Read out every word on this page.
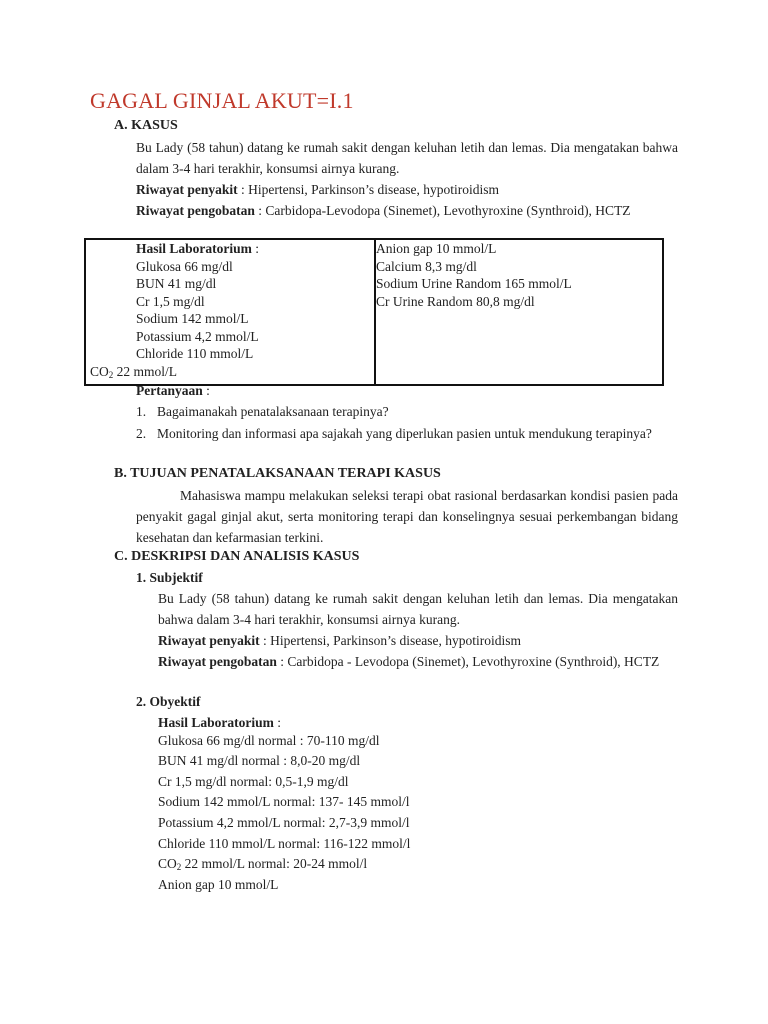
GAGAL GINJAL AKUT=I.1
A. KASUS
Bu Lady (58 tahun) datang ke rumah sakit dengan keluhan letih dan lemas. Dia mengatakan bahwa dalam 3-4 hari terakhir, konsumsi airnya kurang.
Riwayat penyakit : Hipertensi, Parkinson’s disease, hypotiroidism
Riwayat pengobatan : Carbidopa-Levodopa (Sinemet), Levothyroxine (Synthroid), HCTZ
Hasil Laboratorium :
Glukosa 66 mg/dl
BUN 41 mg/dl
Cr 1,5 mg/dl
Sodium 142 mmol/L
Potassium 4,2 mmol/L
Chloride 110 mmol/L
$CO_2$ 22 mmol/L

Anion gap 10 mmol/L
Calcium 8,3 mg/dl
Sodium Urine Random 165 mmol/L
Cr Urine Random 80,8 mg/dl
Pertanyaan :
1. Bagaimanakah penatalaksanaan terapinya?
2. Monitoring dan informasi apa sajakah yang diperlukan pasien untuk mendukung terapinya?
B. TUJUAN PENATALAKSANAAN TERAPI KASUS
Mahasiswa mampu melakukan seleksi terapi obat rasional berdasarkan kondisi pasien pada penyakit gagal ginjal akut, serta monitoring terapi dan konselingnya sesuai perkembangan bidang kesehatan dan kefarmasian terkini.
C. DESKRIPSI DAN ANALISIS KASUS
1. Subjektif
Bu Lady (58 tahun) datang ke rumah sakit dengan keluhan letih dan lemas. Dia mengatakan bahwa dalam 3-4 hari terakhir, konsumsi airnya kurang.
Riwayat penyakit : Hipertensi, Parkinson’s disease, hypotiroidism
Riwayat pengobatan : Carbidopa - Levodopa (Sinemet), Levothyroxine (Synthroid), HCTZ
2. Obyektif
Hasil Laboratorium :
Glukosa 66 mg/dl normal : 70-110 mg/dl
BUN 41 mg/dl normal : 8,0-20 mg/dl
Cr 1,5 mg/dl normal: 0,5-1,9 mg/dl
Sodium 142 mmol/L normal: 137- 145 mmol/l
Potassium 4,2 mmol/L normal: 2,7-3,9 mmol/l
Chloride 110 mmol/L normal: 116-122 mmol/l
$CO_2$ 22 mmol/L normal: 20-24 mmol/l
Anion gap 10 mmol/L
